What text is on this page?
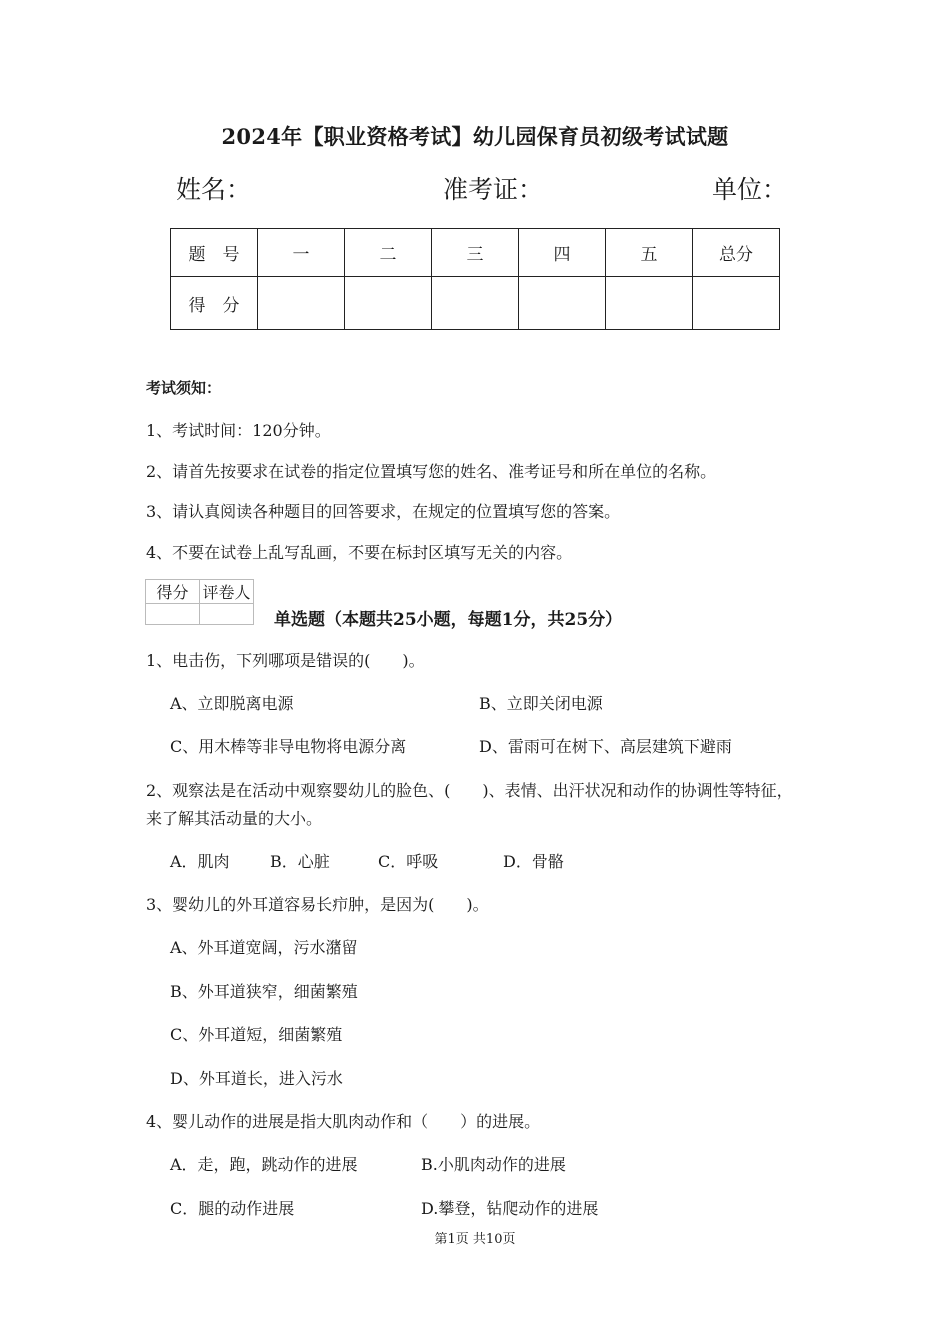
2024年【职业资格考试】幼儿园保育员初级考试试题
姓名：	准考证：	单位：
题　号	一	二	三	四	五	总分
得　分						
考试须知：
1、考试时间：120分钟。
2、请首先按要求在试卷的指定位置填写您的姓名、准考证号和所在单位的名称。
3、请认真阅读各种题目的回答要求，在规定的位置填写您的答案。
4、不要在试卷上乱写乱画，不要在标封区填写无关的内容。
得分	评卷人

单选题（本题共25小题，每题1分，共25分）
1、电击伤，下列哪项是错误的(　　)。
A、立即脱离电源	B、立即关闭电源
C、用木棒等非导电物将电源分离	D、雷雨可在树下、高层建筑下避雨
2、观察法是在活动中观察婴幼儿的脸色、(　　)、表情、出汗状况和动作的协调性等特征，
来了解其活动量的大小。
A．肌肉	B．心脏	C．呼吸	D．骨骼
3、婴幼儿的外耳道容易长疖肿，是因为(　　)。
A、外耳道宽阔，污水潴留
B、外耳道狭窄，细菌繁殖
C、外耳道短，细菌繁殖
D、外耳道长，进入污水
4、婴儿动作的进展是指大肌肉动作和（　　）的进展。
A．走，跑，跳动作的进展	B.小肌肉动作的进展
C．腿的动作进展	D.攀登，钻爬动作的进展
第1页 共10页
